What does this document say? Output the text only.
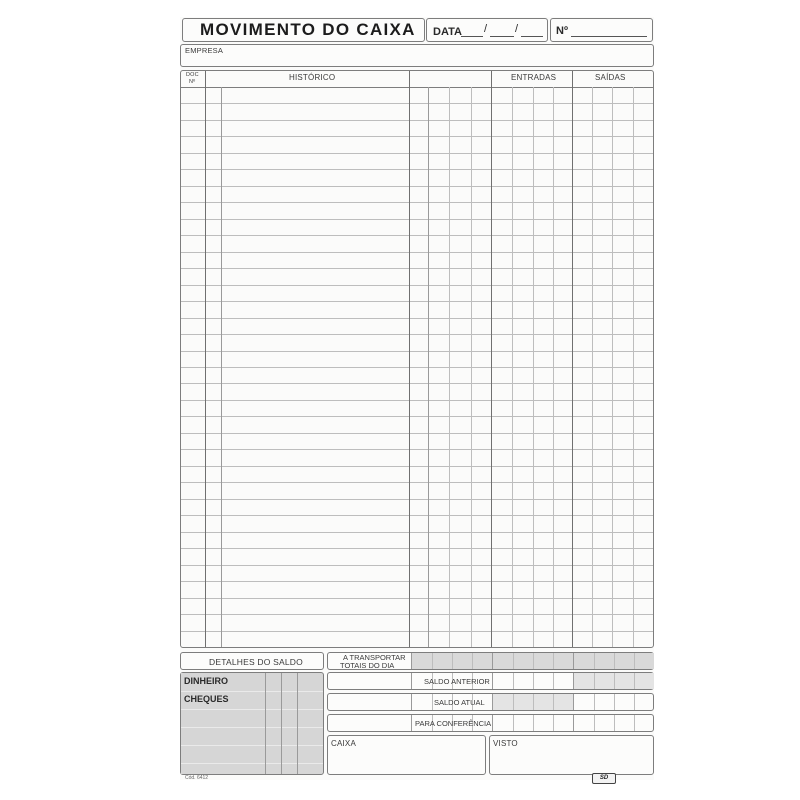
MOVIMENTO DO CAIXA DATA /	/	Nº
EMPRESA
DOC
Nº	HISTÓRICO	ENTRADAS	SAÍDAS
DETALHES DO SALDO
DINHEIRO
CHEQUES
A TRANSPORTAR
TOTAIS DO DIA
SALDO ANTERIOR
SALDO ATUAL
PARA CONFERÊNCIA
CAIXA	VISTO
Cód. 6412	SD
